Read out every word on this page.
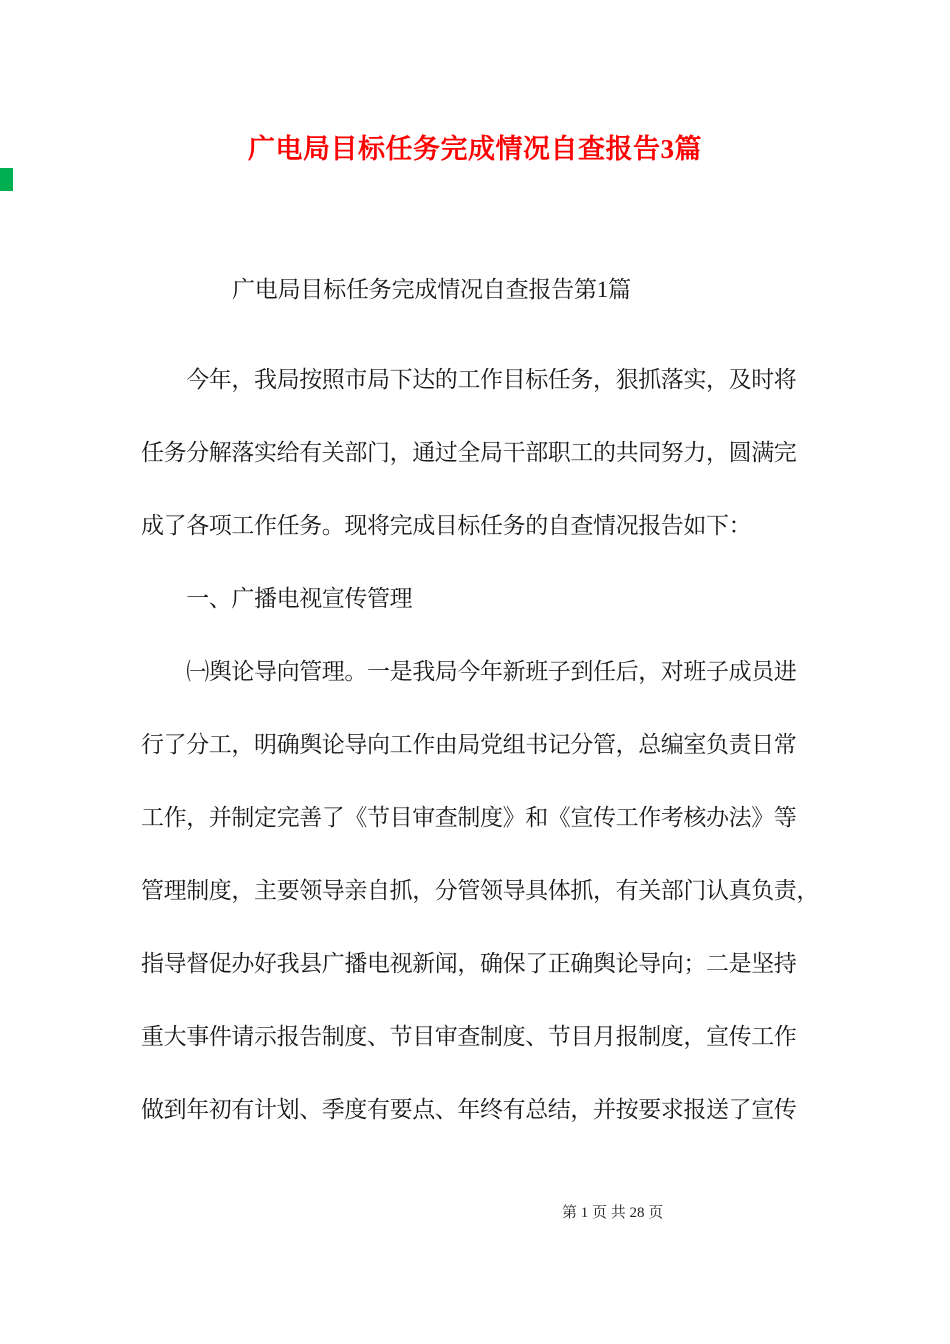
广电局目标任务完成情况自查报告3篇
广电局目标任务完成情况自查报告第1篇
　　今年，我局按照市局下达的工作目标任务，狠抓落实，及时将
任务分解落实给有关部门，通过全局干部职工的共同努力，圆满完
成了各项工作任务。现将完成目标任务的自查情况报告如下：
　　一、广播电视宣传管理
　　㈠舆论导向管理。一是我局今年新班子到任后，对班子成员进
行了分工，明确舆论导向工作由局党组书记分管，总编室负责日常
工作，并制定完善了《节目审查制度》和《宣传工作考核办法》等
管理制度，主要领导亲自抓，分管领导具体抓，有关部门认真负责，
指导督促办好我县广播电视新闻，确保了正确舆论导向；二是坚持
重大事件请示报告制度、节目审查制度、节目月报制度，宣传工作
做到年初有计划、季度有要点、年终有总结，并按要求报送了宣传
第 1 页 共 28 页
